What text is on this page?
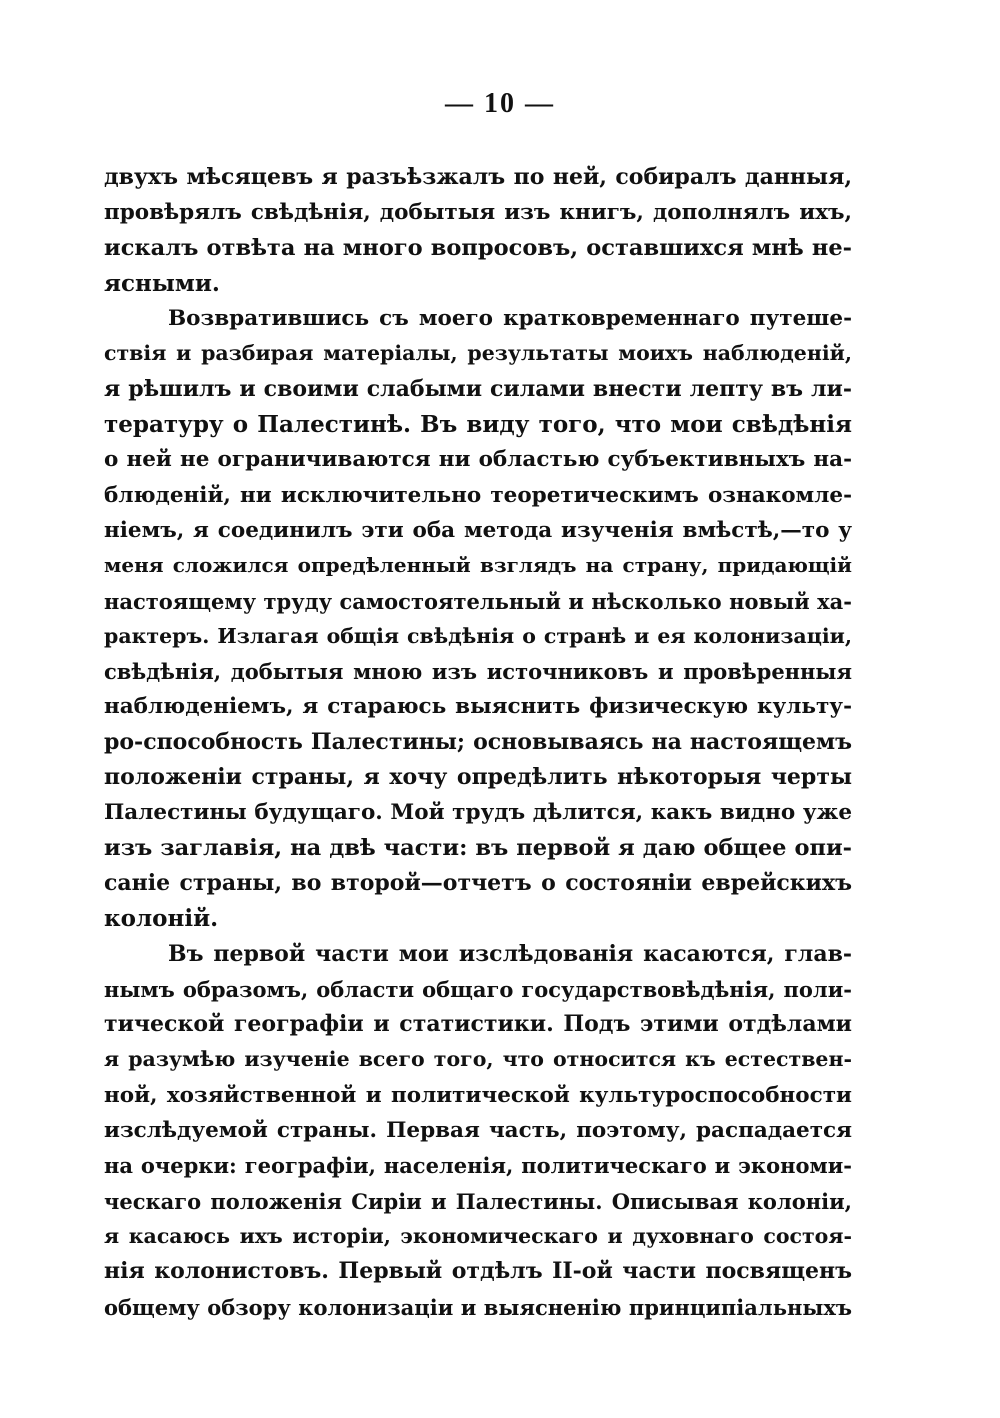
— 10 —
двухъ мѣсяцевъ я разъѣзжалъ по ней, собиралъ данныя,
провѣрялъ свѣдѣнія, добытыя изъ книгъ, дополнялъ ихъ,
искалъ отвѣта на много вопросовъ, оставшихся мнѣ не-
ясными.
Возвратившись съ моего кратковременнаго путеше-
ствія и разбирая матеріалы, результаты моихъ наблюденій,
я рѣшилъ и своими слабыми силами внести лепту въ ли-
тературу о Палестинѣ. Въ виду того, что мои свѣдѣнія
о ней не ограничиваются ни областью субъективныхъ на-
блюденій, ни исключительно теоретическимъ ознакомле-
ніемъ, я соединилъ эти оба метода изученія вмѣстѣ,—то у
меня сложился опредѣленный взглядъ на страну, придающій
настоящему труду самостоятельный и нѣсколько новый ха-
рактеръ. Излагая общія свѣдѣнія о странѣ и ея колонизаціи,
свѣдѣнія, добытыя мною изъ источниковъ и провѣренныя
наблюденіемъ, я стараюсь выяснить физическую культу-
ро-способность Палестины; основываясь на настоящемъ
положеніи страны, я хочу опредѣлить нѣкоторыя черты
Палестины будущаго. Мой трудъ дѣлится, какъ видно уже
изъ заглавія, на двѣ части: въ первой я даю общее опи-
саніе страны, во второй—отчетъ о состояніи еврейскихъ
колоній.
Въ первой части мои изслѣдованія касаются, глав-
нымъ образомъ, области общаго государствовѣдѣнія, поли-
тической географіи и статистики. Подъ этими отдѣлами
я разумѣю изученіе всего того, что относится къ естествен-
ной, хозяйственной и политической культуроспособности
изслѣдуемой страны. Первая часть, поэтому, распадается
на очерки: географіи, населенія, политическаго и экономи-
ческаго положенія Сиріи и Палестины. Описывая колоніи,
я касаюсь ихъ исторіи, экономическаго и духовнаго состоя-
нія колонистовъ. Первый отдѣлъ II-ой части посвященъ
общему обзору колонизаціи и выясненію принципіальныхъ
